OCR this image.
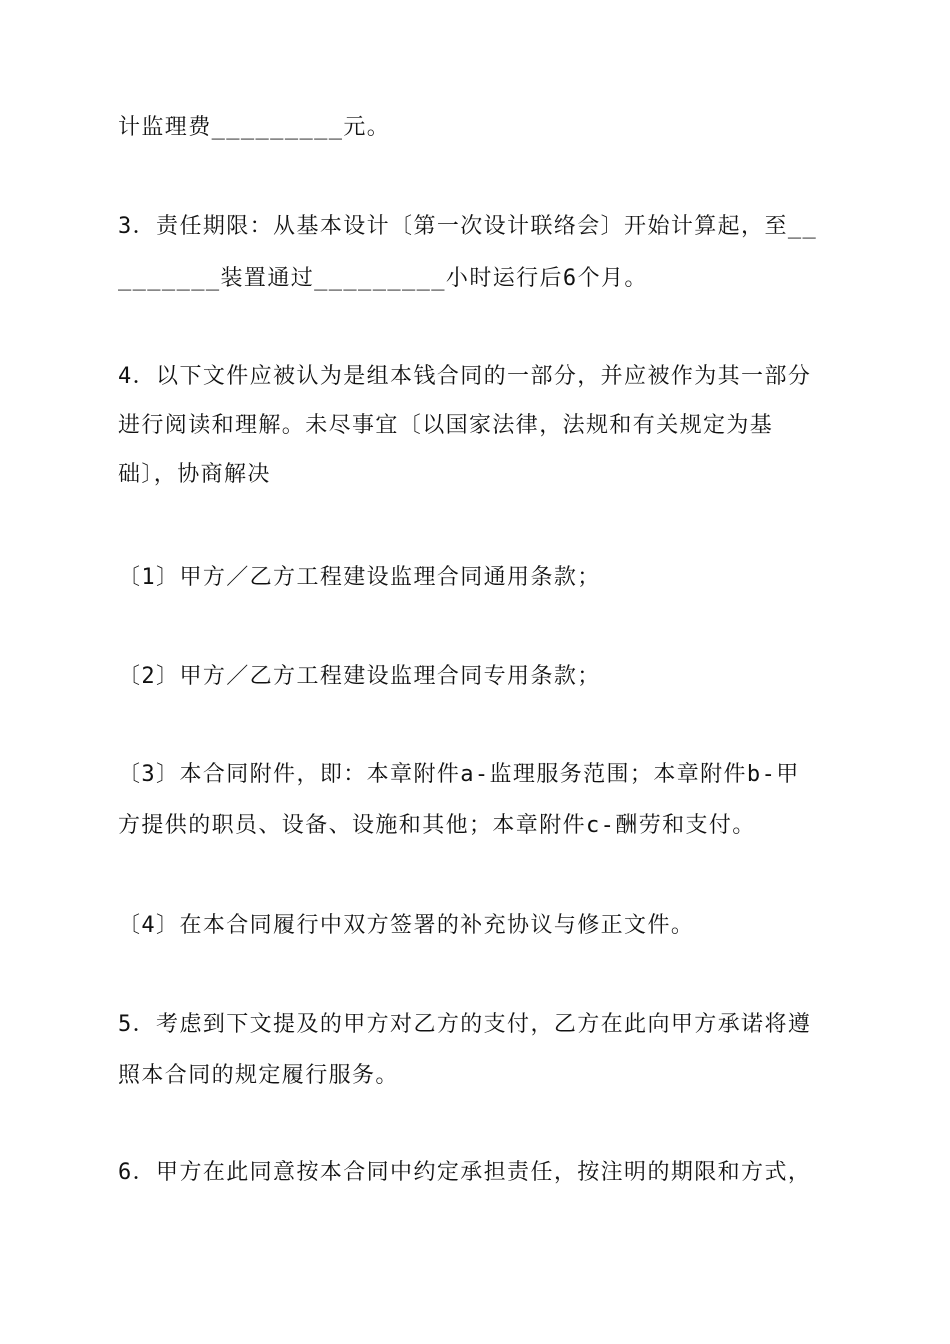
计监理费_________元。
3．责任期限：从基本设计〔第一次设计联络会〕开始计算起，至__
_______装置通过_________小时运行后6个月。
4．以下文件应被认为是组本钱合同的一部分，并应被作为其一部分
进行阅读和理解。未尽事宜〔以国家法律，法规和有关规定为基
础〕，协商解决
〔1〕甲方／乙方工程建设监理合同通用条款；
〔2〕甲方／乙方工程建设监理合同专用条款；
〔3〕本合同附件，即：本章附件a-监理服务范围；本章附件b-甲
方提供的职员、设备、设施和其他；本章附件c-酬劳和支付。
〔4〕在本合同履行中双方签署的补充协议与修正文件。
5．考虑到下文提及的甲方对乙方的支付，乙方在此向甲方承诺将遵
照本合同的规定履行服务。
6．甲方在此同意按本合同中约定承担责任，按注明的期限和方式，
